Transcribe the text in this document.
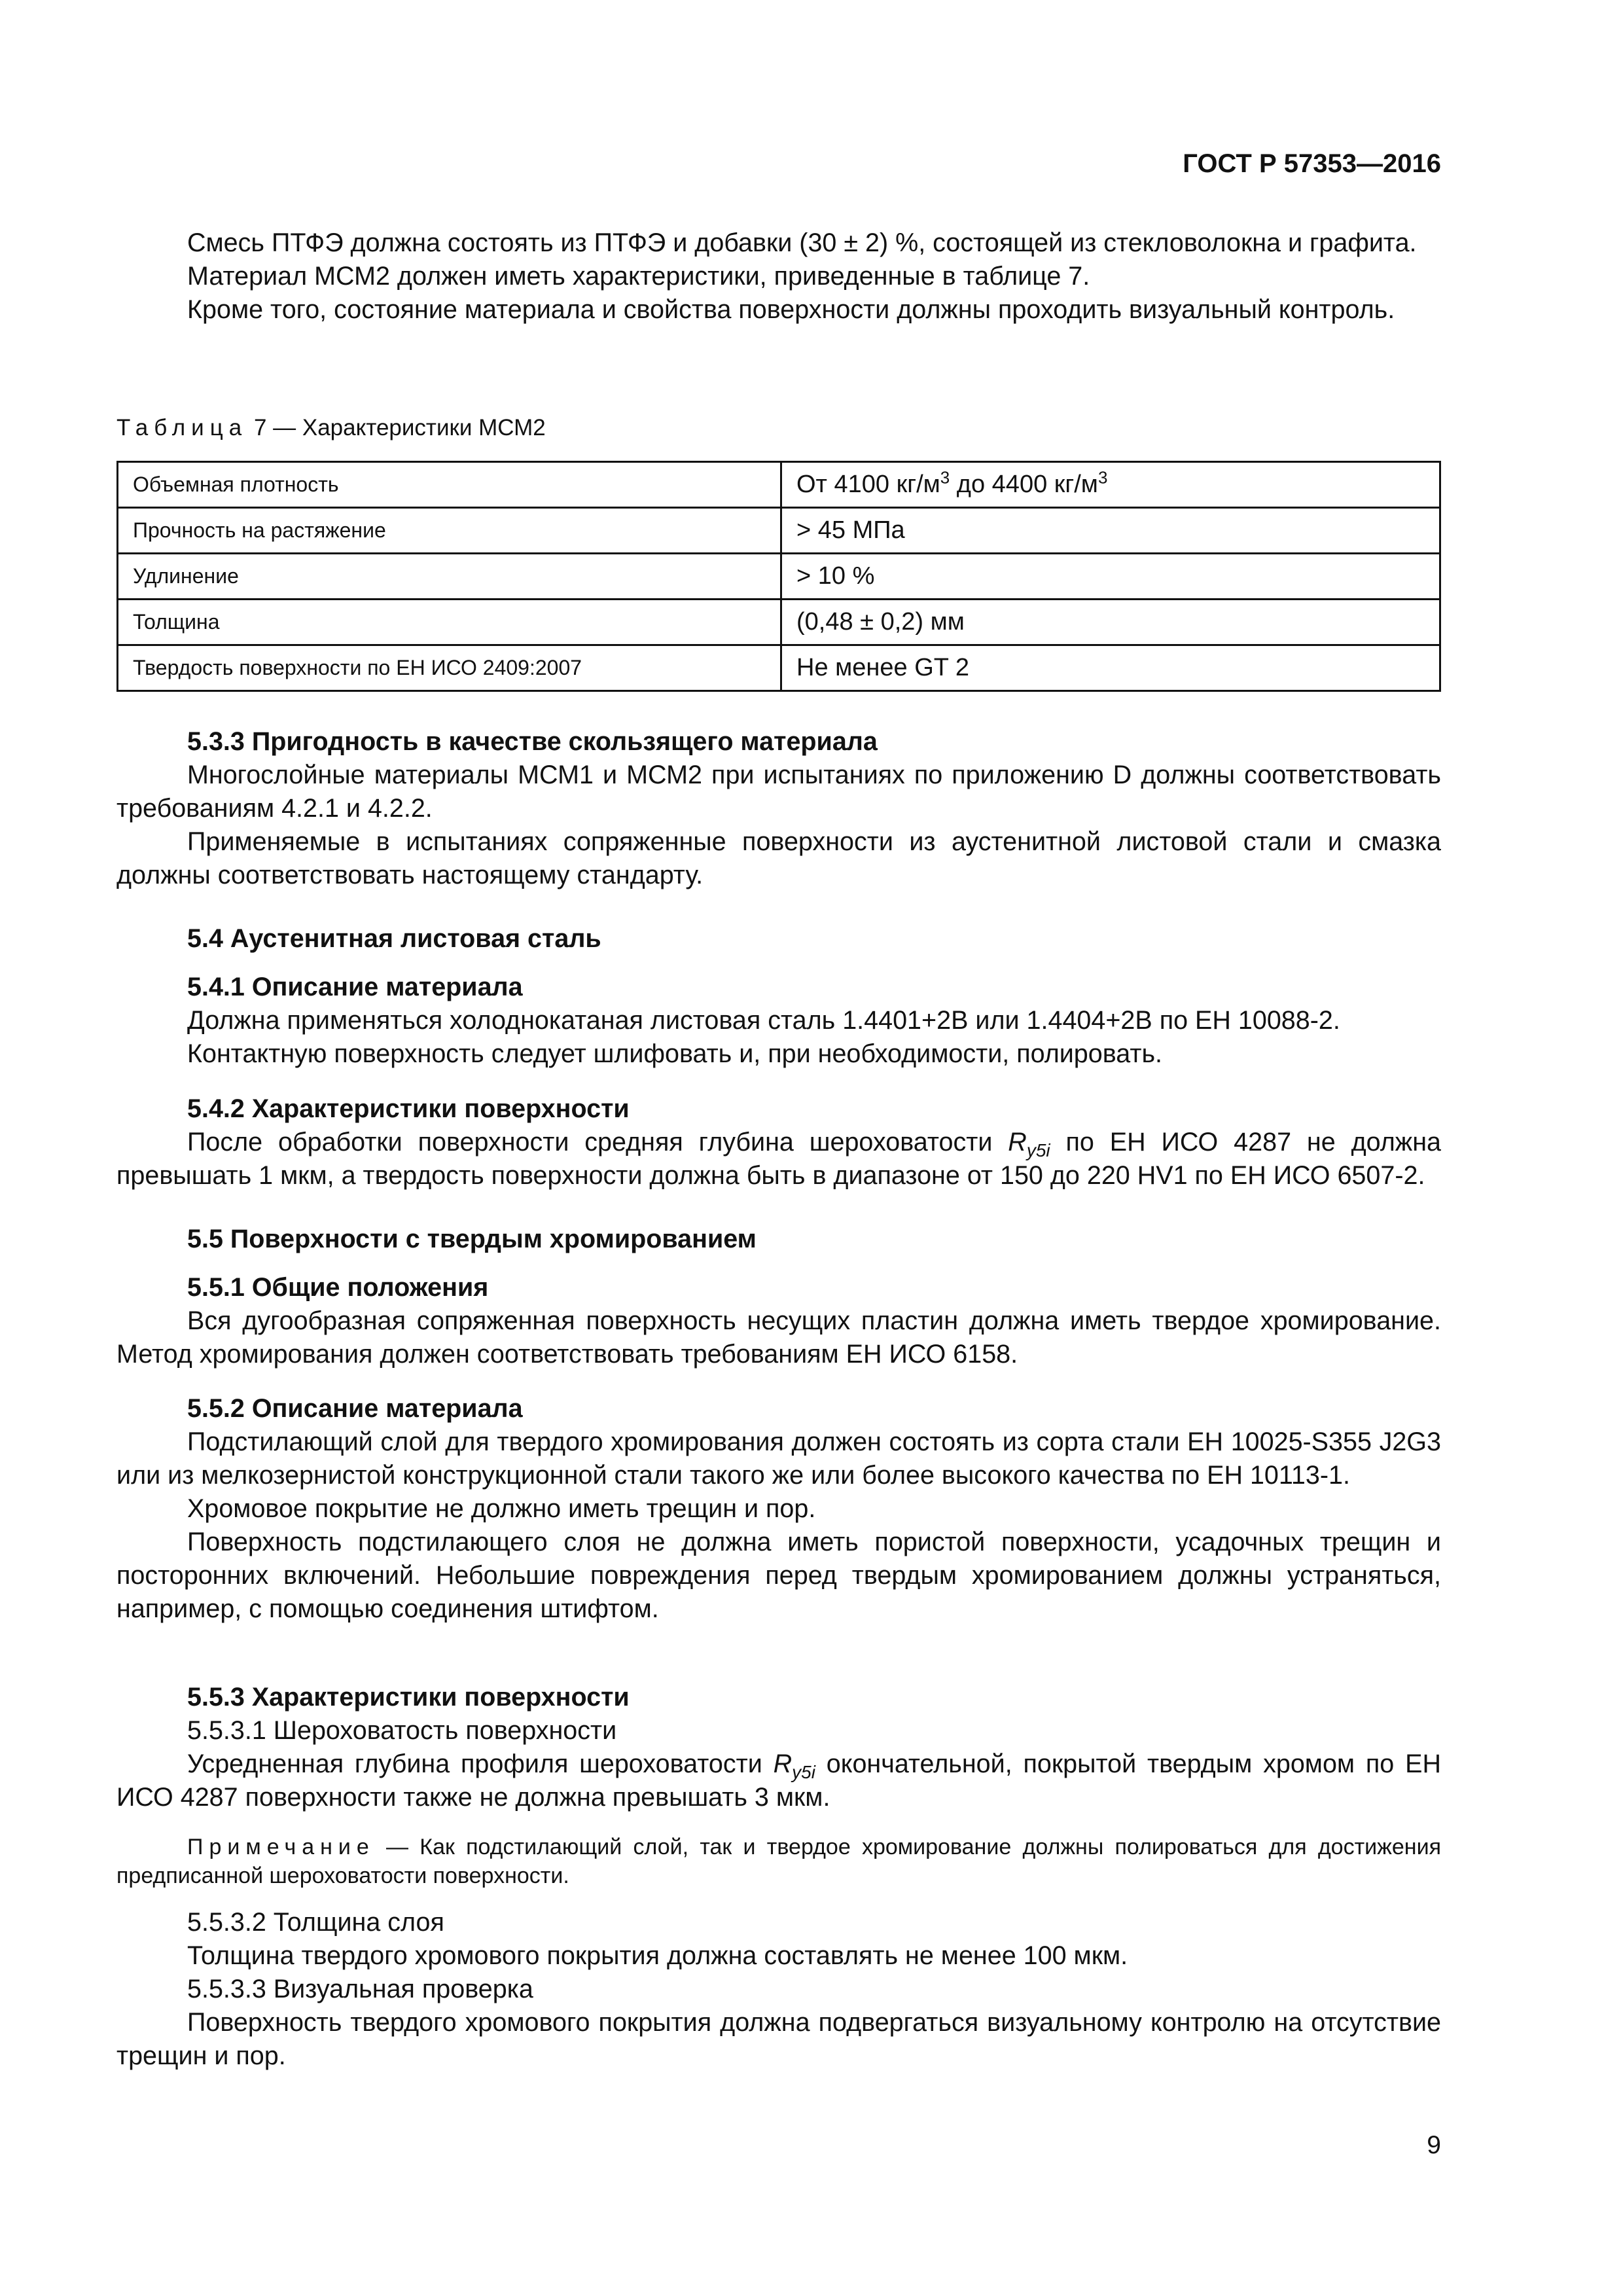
ГОСТ Р 57353—2016

Смесь ПТФЭ должна состоять из ПТФЭ и добавки (30 ± 2) %, состоящей из стекловолокна и графита.

Материал МСМ2 должен иметь характеристики, приведенные в таблице 7.

Кроме того, состояние материала и свойства поверхности должны проходить визуальный контроль.

Таблица 7 — Характеристики МСМ2

Объемная плотность	От 4100 $кг/м^3$ до 4400 $кг/м^3$
Прочность на растяжение	> 45 МПа
Удлинение	> 10 %
Толщина	(0,48 ± 0,2) мм
Твердость поверхности по ЕН ИСО 2409:2007	Не менее GT 2

5.3.3 Пригодность в качестве скользящего материала

Многослойные материалы МСМ1 и МСМ2 при испытаниях по приложению D должны соответствовать требованиям 4.2.1 и 4.2.2.

Применяемые в испытаниях сопряженные поверхности из аустенитной листовой стали и смазка должны соответствовать настоящему стандарту.

5.4 Аустенитная листовая сталь

5.4.1 Описание материала

Должна применяться холоднокатаная листовая сталь 1.4401+2B или 1.4404+2B по ЕН 10088-2.

Контактную поверхность следует шлифовать и, при необходимости, полировать.

5.4.2 Характеристики поверхности

После обработки поверхности средняя глубина шероховатости $R_{y5i}$ по ЕН ИСО 4287 не должна превышать 1 мкм, а твердость поверхности должна быть в диапазоне от 150 до 220 HV1 по ЕН ИСО 6507-2.

5.5 Поверхности с твердым хромированием

5.5.1 Общие положения

Вся дугообразная сопряженная поверхность несущих пластин должна иметь твердое хромирование. Метод хромирования должен соответствовать требованиям ЕН ИСО 6158.

5.5.2 Описание материала

Подстилающий слой для твердого хромирования должен состоять из сорта стали ЕН 10025-S355 J2G3 или из мелкозернистой конструкционной стали такого же или более высокого качества по ЕН 10113-1.

Хромовое покрытие не должно иметь трещин и пор.

Поверхность подстилающего слоя не должна иметь пористой поверхности, усадочных трещин и посторонних включений. Небольшие повреждения перед твердым хромированием должны устраняться, например, с помощью соединения штифтом.

5.5.3 Характеристики поверхности

5.5.3.1 Шероховатость поверхности

Усредненная глубина профиля шероховатости $R_{y5i}$ окончательной, покрытой твердым хромом по ЕН ИСО 4287 поверхности также не должна превышать 3 мкм.

Примечание — Как подстилающий слой, так и твердое хромирование должны полироваться для достижения предписанной шероховатости поверхности.

5.5.3.2 Толщина слоя

Толщина твердого хромового покрытия должна составлять не менее 100 мкм.

5.5.3.3 Визуальная проверка

Поверхность твердого хромового покрытия должна подвергаться визуальному контролю на отсутствие трещин и пор.

9
